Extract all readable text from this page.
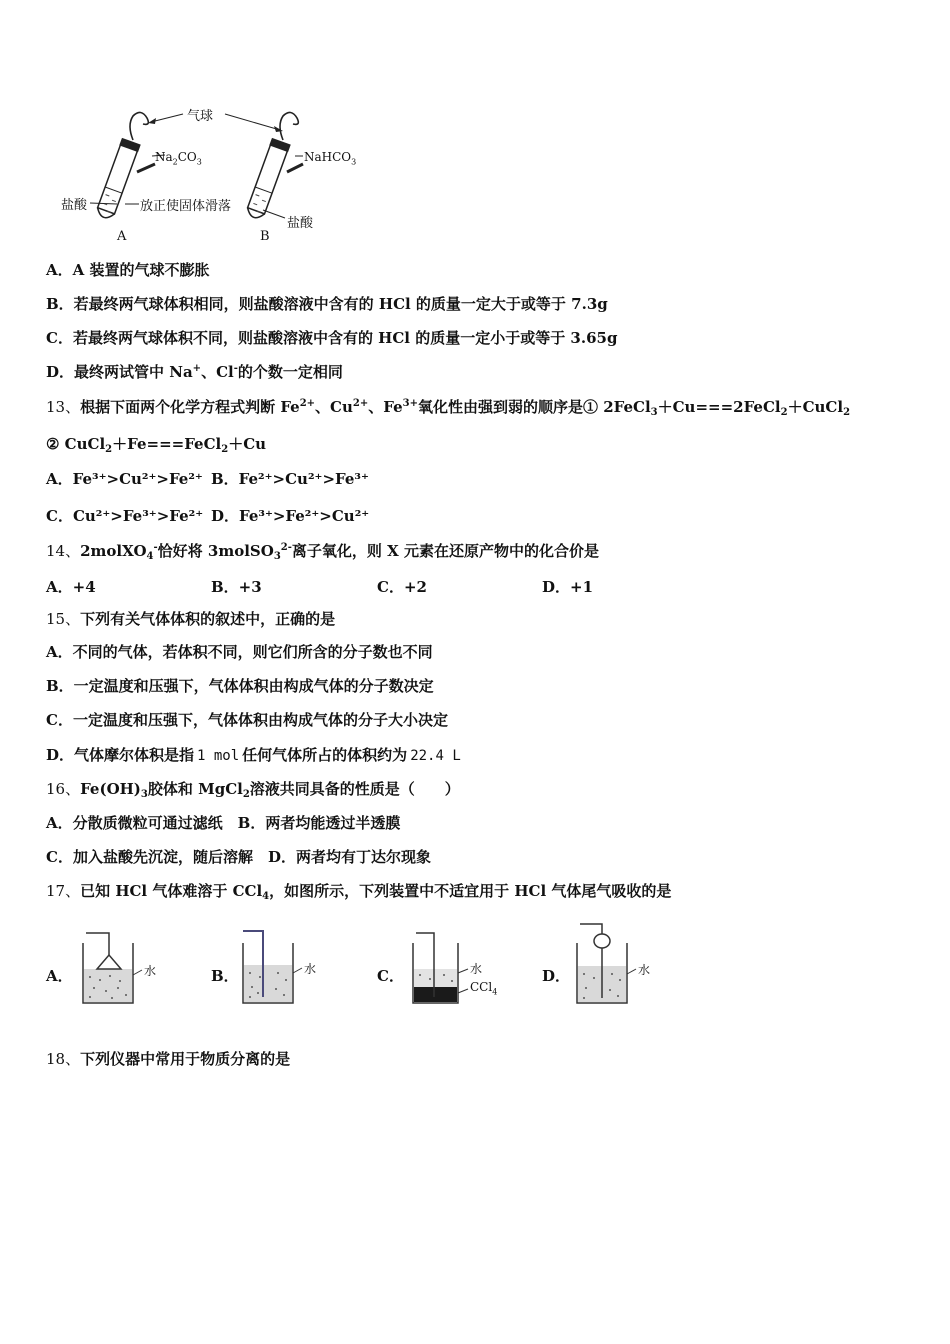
气球
$Na_2CO_3$	NaHCO$_3$
盐酸	放正使固体滑落
盐酸
A	B
A．A 装置的气球不膨胀
B．若最终两气球体积相同，则盐酸溶液中含有的 HCl 的质量一定大于或等于 7.3g
C．若最终两气球体积不同，则盐酸溶液中含有的 HCl 的质量一定小于或等于 3.65g
D．最终两试管中 Na+、Cl-的个数一定相同
13、根据下面两个化学方程式判断 $Fe^{2+}$、$Cu^{2+}$、$Fe^{3+}$氧化性由强到弱的顺序是① 2FeCl$_3$＋Cu===2FeCl$_2$＋CuCl$_2$
② CuCl$_2$＋Fe===FeCl$_2$＋Cu
A．Fe³⁺>Cu²⁺>Fe²⁺ B．Fe²⁺>Cu²⁺>Fe³⁺
C．Cu²⁺>Fe³⁺>Fe²⁺ D．Fe³⁺>Fe²⁺>Cu²⁺
14、2molXO$_4$-恰好将 3molSO$_3^{2-}$离子氧化，则 X 元素在还原产物中的化合价是
A．+4	B．+3	C．+2	D．+1
15、下列有关气体体积的叙述中，正确的是
A．不同的气体，若体积不同，则它们所含的分子数也不同
B．一定温度和压强下，气体体积由构成气体的分子数决定
C．一定温度和压强下，气体体积由构成气体的分子大小决定
D．气体摩尔体积是指 1 mol 任何气体所占的体积约为 22.4 L
16、$Fe(OH)_3$胶体和 MgCl$_2$溶液共同具备的性质是（　　）
A．分散质微粒可通过滤纸　B．两者均能透过半透膜
C．加入盐酸先沉淀，随后溶解　D．两者均有丁达尔现象
17、已知 HCl 气体难溶于 CCl$_4$，如图所示，下列装置中不适宜用于 HCl 气体尾气吸收的是
A．	水	B．	水	C．	水
CCl$_4$
D．	水
18、下列仪器中常用于物质分离的是
